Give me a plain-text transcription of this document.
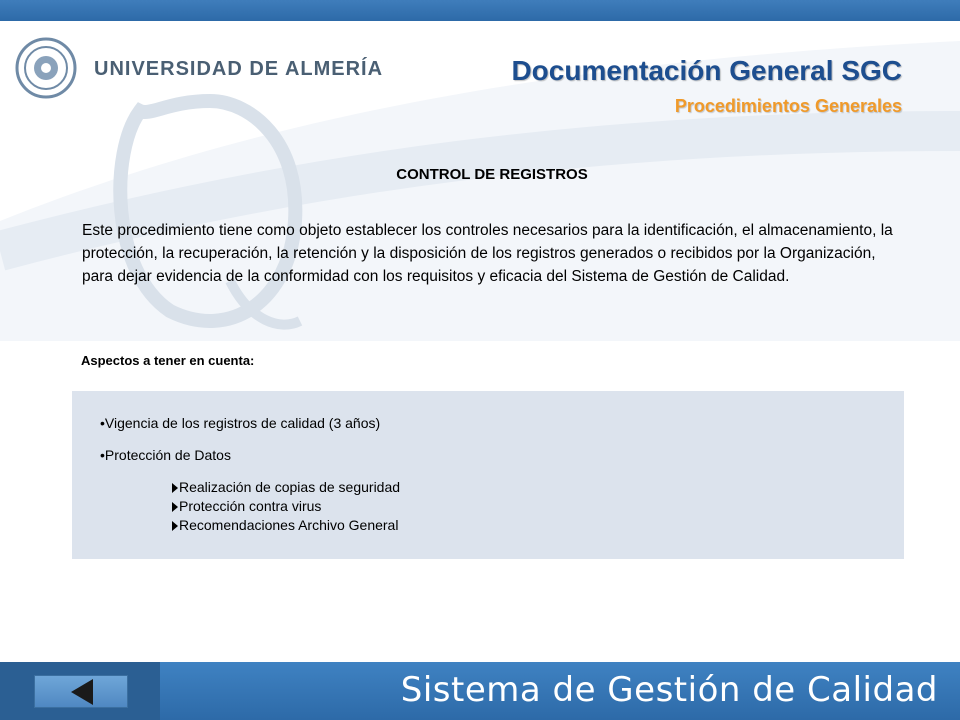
UNIVERSIDAD DE ALMERÍA	Documentación General SGC
Procedimientos Generales
CONTROL DE REGISTROS
Este procedimiento tiene como objeto establecer los controles necesarios para la identificación, el almacenamiento, la protección, la recuperación, la retención y la disposición de los registros generados o recibidos por la Organización, para dejar evidencia de la conformidad con los requisitos y eficacia del Sistema de Gestión de Calidad.
Aspectos a tener en cuenta:
•Vigencia de los registros de calidad (3 años)
•Protección de Datos
Realización de copias de seguridad
Protección contra virus
Recomendaciones Archivo General
Sistema de Gestión de Calidad
